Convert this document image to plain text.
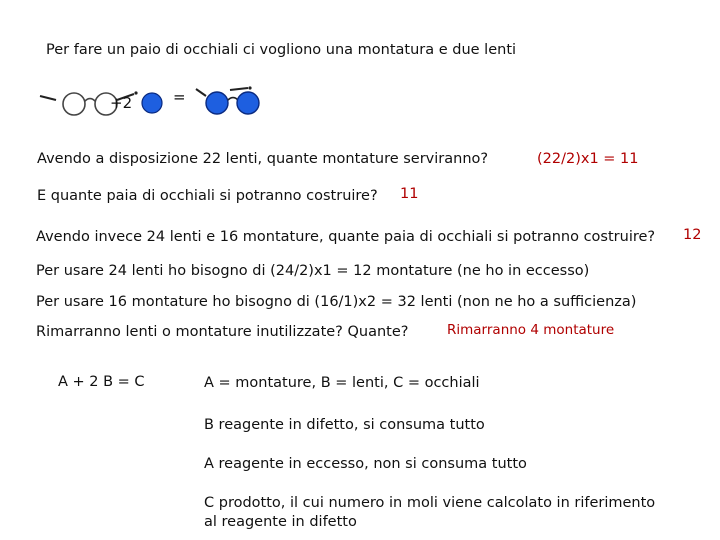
Per fare un paio di occhiali ci vogliono una montatura e due lenti
+2	=
Avendo a disposizione 22 lenti, quante montature serviranno?	(22/2)x1 = 11
E quante paia di occhiali si potranno costruire? 11
Avendo invece 24 lenti e 16 montature, quante paia di occhiali si potranno costruire? 12
Per usare 24 lenti ho bisogno di (24/2)x1 = 12 montature (ne ho in eccesso)
Per usare 16 montature ho bisogno di (16/1)x2 = 32 lenti (non ne ho a sufficienza)
Rimarranno lenti o montature inutilizzate? Quante?	Rimarranno 4 montature
A + 2 B = C	A = montature, B = lenti, C = occhiali
B reagente in difetto, si consuma tutto
A reagente in eccesso, non si consuma tutto
C prodotto, il cui numero in moli viene calcolato in riferimento
al reagente in difetto
